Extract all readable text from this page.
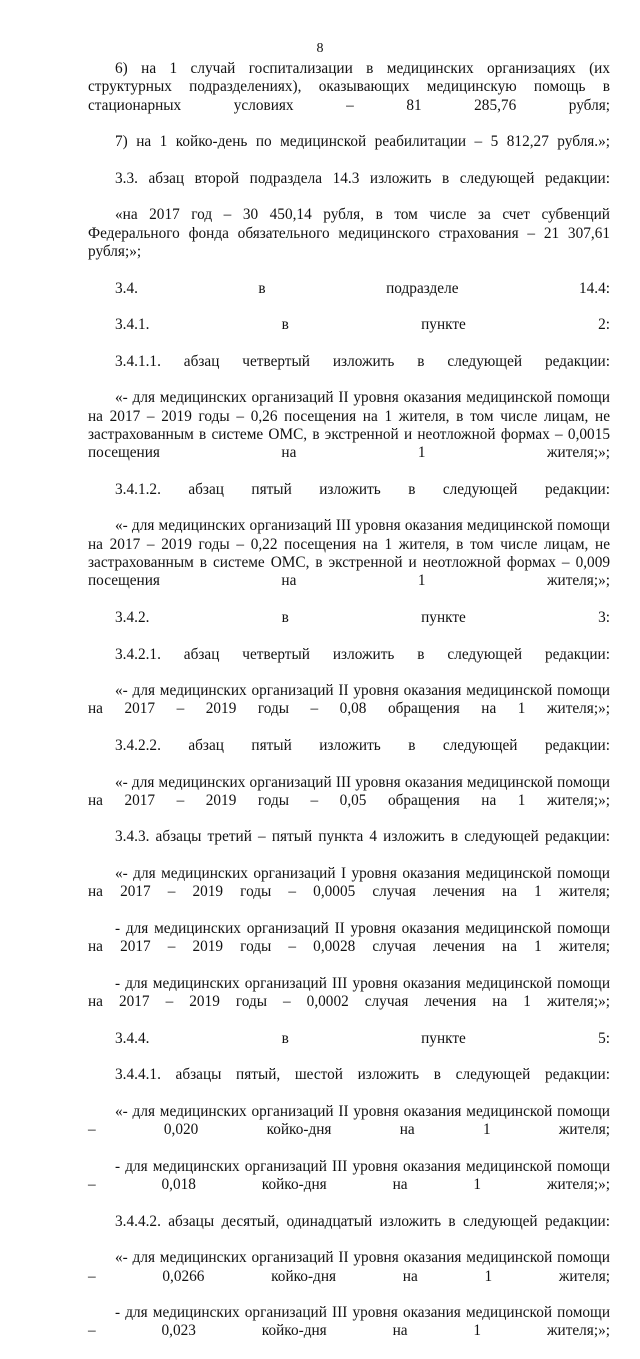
8

6) на 1 случай госпитализации в медицинских организациях (их структурных подразделениях), оказывающих медицинскую помощь в стационарных условиях – 81 285,76 рубля;

7) на 1 койко-день по медицинской реабилитации – 5 812,27 рубля.»;

3.3. абзац второй подраздела 14.3 изложить в следующей редакции:

«на 2017 год – 30 450,14 рубля, в том числе за счет субвенций Федерального фонда обязательного медицинского страхования – 21 307,61 рубля;»;

3.4. в подразделе 14.4:

3.4.1. в пункте 2:

3.4.1.1. абзац четвертый изложить в следующей редакции:

«- для медицинских организаций II уровня оказания медицинской помощи на 2017 – 2019 годы – 0,26 посещения на 1 жителя, в том числе лицам, не застрахованным в системе ОМС, в экстренной и неотложной формах – 0,0015 посещения на 1 жителя;»;

3.4.1.2. абзац пятый изложить в следующей редакции:

«- для медицинских организаций III уровня оказания медицинской помощи на 2017 – 2019 годы – 0,22 посещения на 1 жителя, в том числе лицам, не застрахованным в системе ОМС, в экстренной и неотложной формах – 0,009 посещения на 1 жителя;»;

3.4.2. в пункте 3:

3.4.2.1. абзац четвертый изложить в следующей редакции:

«- для медицинских организаций II уровня оказания медицинской помощи на 2017 – 2019 годы – 0,08 обращения на 1 жителя;»;

3.4.2.2. абзац пятый изложить в следующей редакции:

«- для медицинских организаций III уровня оказания медицинской помощи на 2017 – 2019 годы – 0,05 обращения на 1 жителя;»;

3.4.3. абзацы третий – пятый пункта 4 изложить в следующей редакции:

«- для медицинских организаций I уровня оказания медицинской помощи на 2017 – 2019 годы – 0,0005 случая лечения на 1 жителя;

- для медицинских организаций II уровня оказания медицинской помощи на 2017 – 2019 годы – 0,0028 случая лечения на 1 жителя;

- для медицинских организаций III уровня оказания медицинской помощи на 2017 – 2019 годы – 0,0002 случая лечения на 1 жителя;»;

3.4.4. в пункте 5:

3.4.4.1. абзацы пятый, шестой изложить в следующей редакции:

«- для медицинских организаций II уровня оказания медицинской помощи – 0,020 койко-дня на 1 жителя;

- для медицинских организаций III уровня оказания медицинской помощи – 0,018 койко-дня на 1 жителя;»;

3.4.4.2. абзацы десятый, одинадцатый изложить в следующей редакции:

«- для медицинских организаций II уровня оказания медицинской помощи – 0,0266 койко-дня на 1 жителя;

- для медицинских организаций III уровня оказания медицинской помощи – 0,023 койко-дня на 1 жителя;»;
